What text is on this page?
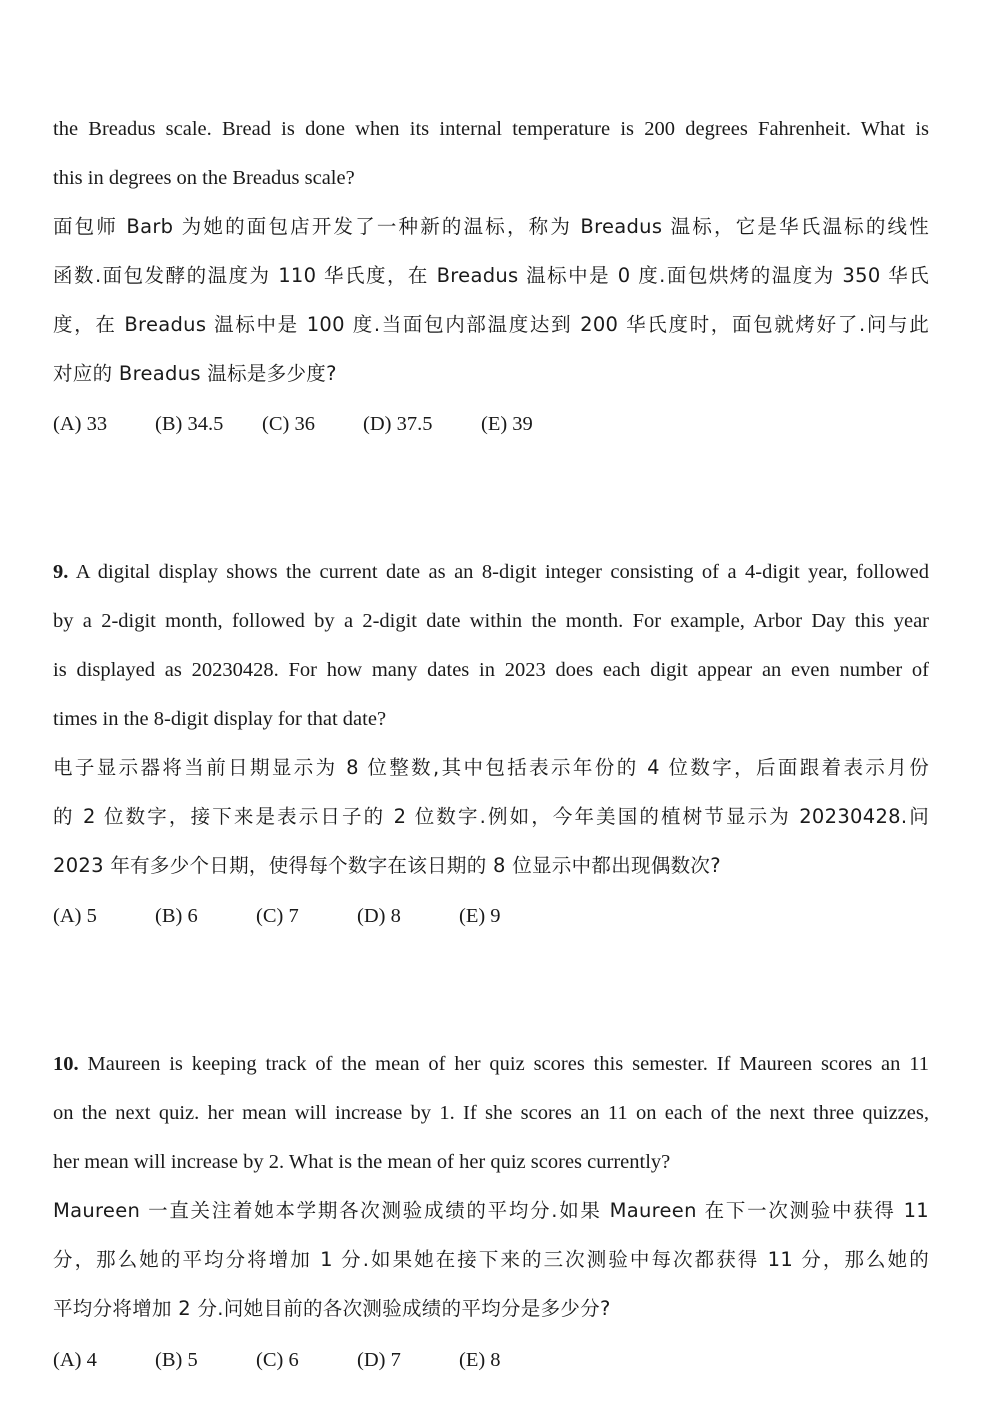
the Breadus scale. Bread is done when its internal temperature is 200 degrees Fahrenheit. What is
this in degrees on the Breadus scale?
面包师 Barb 为她的面包店开发了一种新的温标，称为 Breadus 温标，它是华氏温标的线性
函数.面包发酵的温度为 110 华氏度，在 Breadus 温标中是 0 度.面包烘烤的温度为 350 华氏
度，在 Breadus 温标中是 100 度.当面包内部温度达到 200 华氏度时，面包就烤好了.问与此
对应的 Breadus 温标是多少度?
(A) 33 (B) 34.5 (C) 36 (D) 37.5 (E) 39
9. A digital display shows the current date as an 8-digit integer consisting of a 4-digit year, followed
by a 2-digit month, followed by a 2-digit date within the month. For example, Arbor Day this year
is displayed as 20230428. For how many dates in 2023 does each digit appear an even number of
times in the 8-digit display for that date?
电子显示器将当前日期显示为 8 位整数,其中包括表示年份的 4 位数字，后面跟着表示月份
的 2 位数字，接下来是表示日子的 2 位数字.例如，今年美国的植树节显示为 20230428.问
2023 年有多少个日期，使得每个数字在该日期的 8 位显示中都出现偶数次?
(A) 5	(B) 6	(C) 7	(D) 8	(E) 9
10. Maureen is keeping track of the mean of her quiz scores this semester. If Maureen scores an 11
on the next quiz. her mean will increase by 1. If she scores an 11 on each of the next three quizzes,
her mean will increase by 2. What is the mean of her quiz scores currently?
Maureen 一直关注着她本学期各次测验成绩的平均分.如果 Maureen 在下一次测验中获得 11
分，那么她的平均分将增加 1 分.如果她在接下来的三次测验中每次都获得 11 分，那么她的
平均分将增加 2 分.问她目前的各次测验成绩的平均分是多少分?
(A) 4	(B) 5	(C) 6	(D) 7	(E) 8
